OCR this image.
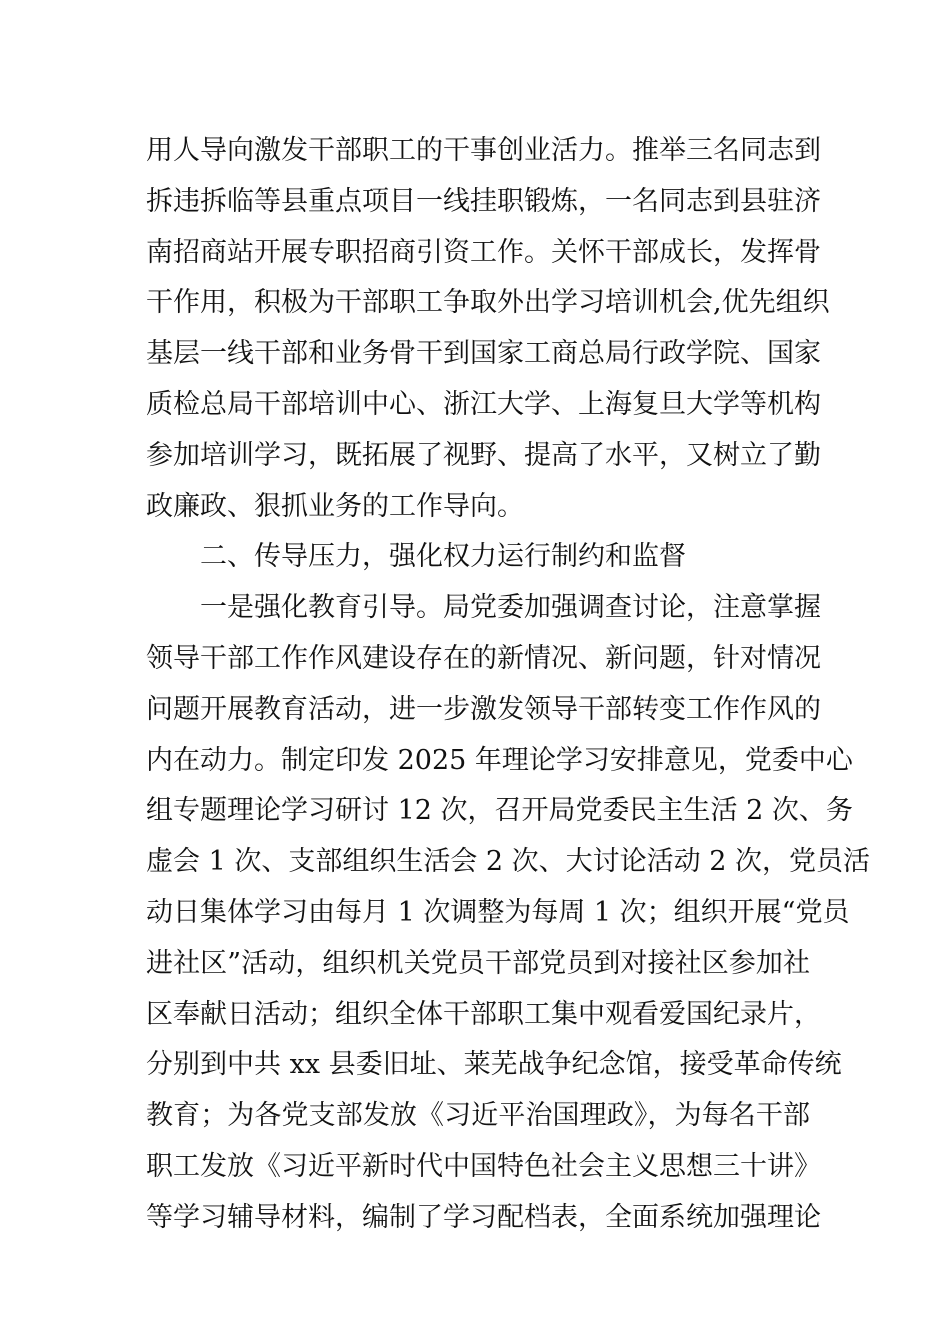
用人导向激发干部职工的干事创业活力。推举三名同志到
拆违拆临等县重点项目一线挂职锻炼，一名同志到县驻济
南招商站开展专职招商引资工作。关怀干部成长，发挥骨
干作用，积极为干部职工争取外出学习培训机会,优先组织
基层一线干部和业务骨干到国家工商总局行政学院、国家
质检总局干部培训中心、浙江大学、上海复旦大学等机构
参加培训学习，既拓展了视野、提高了水平，又树立了勤
政廉政、狠抓业务的工作导向。
二、传导压力，强化权力运行制约和监督
一是强化教育引导。局党委加强调查讨论，注意掌握
领导干部工作作风建设存在的新情况、新问题，针对情况
问题开展教育活动，进一步激发领导干部转变工作作风的
内在动力。制定印发 2025 年理论学习安排意见，党委中心
组专题理论学习研讨 12 次，召开局党委民主生活 2 次、务
虚会 1 次、支部组织生活会 2 次、大讨论活动 2 次，党员活
动日集体学习由每月 1 次调整为每周 1 次；组织开展“党员
进社区”活动，组织机关党员干部党员到对接社区参加社
区奉献日活动；组织全体干部职工集中观看爱国纪录片，
分别到中共 xx 县委旧址、莱芜战争纪念馆，接受革命传统
教育；为各党支部发放《习近平治国理政》，为每名干部
职工发放《习近平新时代中国特色社会主义思想三十讲》
等学习辅导材料，编制了学习配档表，全面系统加强理论
